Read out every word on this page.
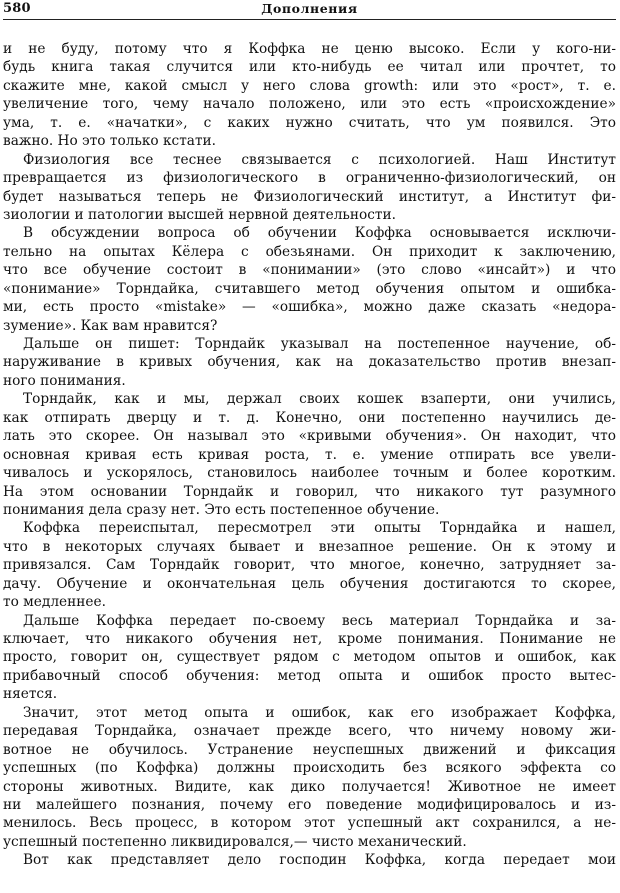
580	Дополнения
и не буду, потому что я Коффка не ценю высоко. Если у кого-ни-
будь книга такая случится или кто-нибудь ее читал или прочтет, то
скажите мне, какой смысл у него слова growth: или это «рост», т. е.
увеличение того, чему начало положено, или это есть «происхождение»
ума, т. е. «начатки», с каких нужно считать, что ум появился. Это
важно. Но это только кстати.
Физиология все теснее связывается с психологией. Наш Институт
превращается из физиологического в ограниченно-физиологический, он
будет называться теперь не Физиологический институт, а Институт фи-
зиологии и патологии высшей нервной деятельности.
В обсуждении вопроса об обучении Коффка основывается исключи-
тельно на опытах Кёлера с обезьянами. Он приходит к заключению,
что все обучение состоит в «понимании» (это слово «инсайт») и что
«понимание» Торндайка, считавшего метод обучения опытом и ошибка-
ми, есть просто «mistake» — «ошибка», можно даже сказать «недора-
зумение». Как вам нравится?
Дальше он пишет: Торндайк указывал на постепенное научение, об-
наруживание в кривых обучения, как на доказательство против внезап-
ного понимания.
Торндайк, как и мы, держал своих кошек взаперти, они учились,
как отпирать дверцу и т. д. Конечно, они постепенно научились де-
лать это скорее. Он называл это «кривыми обучения». Он находит, что
основная кривая есть кривая роста, т. е. умение отпирать все увели-
чивалось и ускорялось, становилось наиболее точным и более коротким.
На этом основании Торндайк и говорил, что никакого тут разумного
понимания дела сразу нет. Это есть постепенное обучение.
Коффка переиспытал, пересмотрел эти опыты Торндайка и нашел,
что в некоторых случаях бывает и внезапное решение. Он к этому и
привязался. Сам Торндайк говорит, что многое, конечно, затрудняет за-
дачу. Обучение и окончательная цель обучения достигаются то скорее,
то медленнее.
Дальше Коффка передает по-своему весь материал Торндайка и за-
ключает, что никакого обучения нет, кроме понимания. Понимание не
просто, говорит он, существует рядом с методом опытов и ошибок, как
прибавочный способ обучения: метод опыта и ошибок просто вытес-
няется.
Значит, этот метод опыта и ошибок, как его изображает Коффка,
передавая Торндайка, означает прежде всего, что ничему новому жи-
вотное не обучилось. Устранение неуспешных движений и фиксация
успешных (по Коффка) должны происходить без всякого эффекта со
стороны животных. Видите, как дико получается! Животное не имеет
ни малейшего познания, почему его поведение модифицировалось и из-
менилось. Весь процесс, в котором этот успешный акт сохранился, а не-
успешный постепенно ликвидировался,— чисто механический.
Вот как представляет дело господин Коффка, когда передает мои
